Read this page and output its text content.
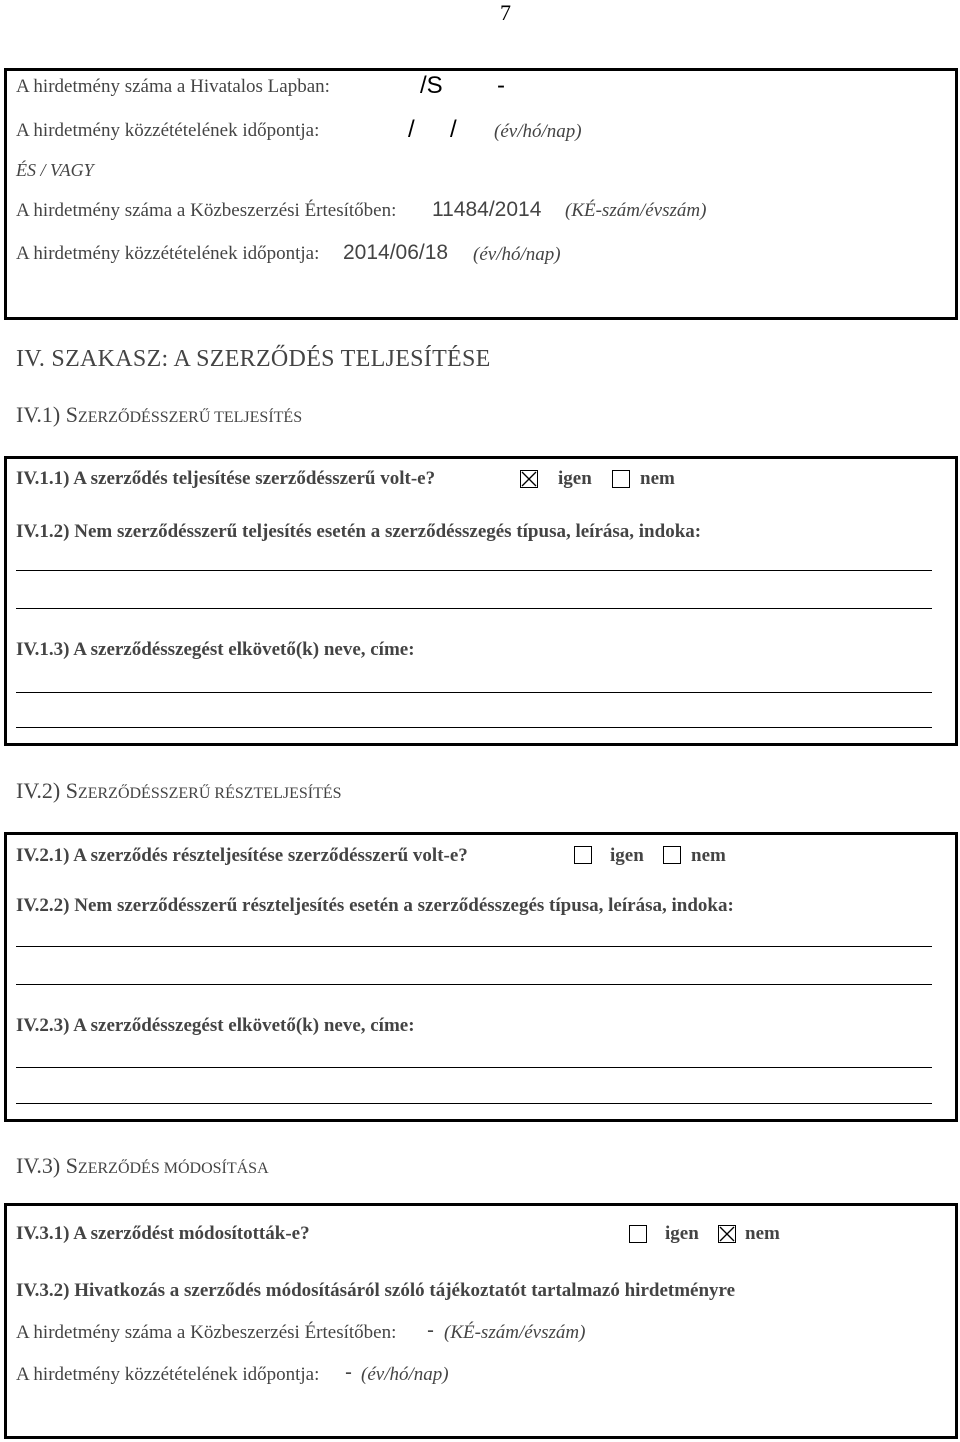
7
A hirdetmény száma a Hivatalos Lapban:	/S -
A hirdetmény közzétételének időpontja:	/ / (év/hó/nap)
ÉS / VAGY
A hirdetmény száma a Közbeszerzési Értesítőben: 11484/2014 (KÉ-szám/évszám)
A hirdetmény közzétételének időpontja: 2014/06/18 (év/hó/nap)
IV. SZAKASZ: A SZERZŐDÉS TELJESÍTÉSE
IV.1) SZERZŐDÉSSZERŰ TELJESÍTÉS
IV.1.1) A szerződés teljesítése szerződésszerű volt-e?	igen	nem
IV.1.2) Nem szerződésszerű teljesítés esetén a szerződésszegés típusa, leírása, indoka:
IV.1.3) A szerződésszegést elkövető(k) neve, címe:
IV.2) SZERZŐDÉSSZERŰ RÉSZTELJESÍTÉS
IV.2.1) A szerződés részteljesítése szerződésszerű volt-e?	igen nem
IV.2.2) Nem szerződésszerű részteljesítés esetén a szerződésszegés típusa, leírása, indoka:
IV.2.3) A szerződésszegést elkövető(k) neve, címe:
IV.3) SZERZŐDÉS MÓDOSÍTÁSA
IV.3.1) A szerződést módosították-e?	igen nem
IV.3.2) Hivatkozás a szerződés módosításáról szóló tájékoztatót tartalmazó hirdetményre
A hirdetmény száma a Közbeszerzési Értesítőben: - (KÉ-szám/évszám)
A hirdetmény közzétételének időpontja: - (év/hó/nap)
